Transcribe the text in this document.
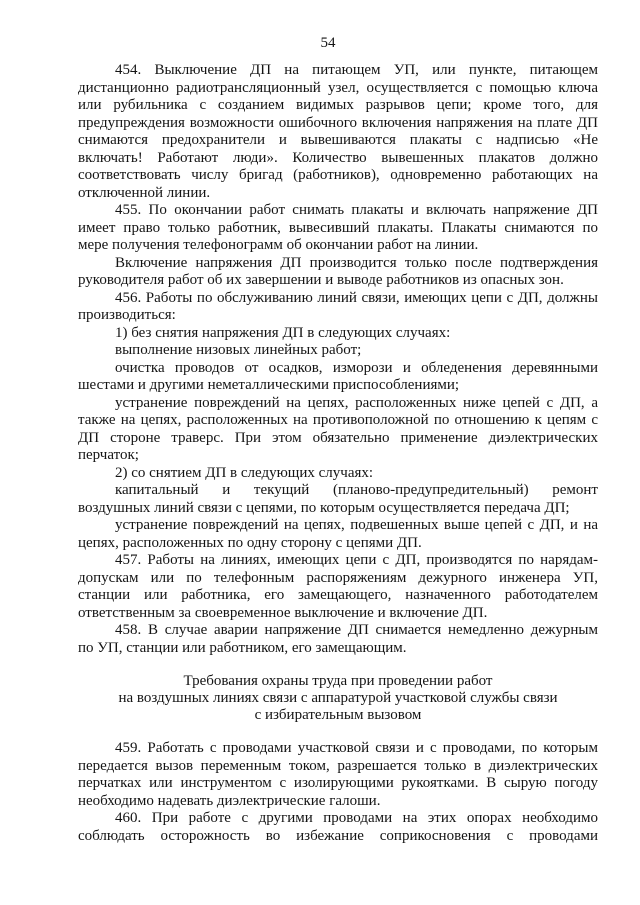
54
454. Выключение ДП на питающем УП, или пункте, питающем
дистанционно радиотрансляционный узел, осуществляется с помощью ключа
или рубильника с созданием видимых разрывов цепи; кроме того, для
предупреждения возможности ошибочного включения напряжения на плате ДП
снимаются предохранители и вывешиваются плакаты с надписью «Не
включать! Работают люди». Количество вывешенных плакатов должно
соответствовать числу бригад (работников), одновременно работающих на
отключенной линии.
455. По окончании работ снимать плакаты и включать напряжение ДП
имеет право только работник, вывесивший плакаты. Плакаты снимаются по
мере получения телефонограмм об окончании работ на линии.
Включение напряжения ДП производится только после подтверждения
руководителя работ об их завершении и выводе работников из опасных зон.
456. Работы по обслуживанию линий связи, имеющих цепи с ДП, должны
производиться:
1) без снятия напряжения ДП в следующих случаях:
выполнение низовых линейных работ;
очистка проводов от осадков, изморози и обледенения деревянными
шестами и другими неметаллическими приспособлениями;
устранение повреждений на цепях, расположенных ниже цепей с ДП, а
также на цепях, расположенных на противоположной по отношению к цепям с
ДП стороне траверс. При этом обязательно применение диэлектрических
перчаток;
2) со снятием ДП в следующих случаях:
капитальный и текущий (планово-предупредительный) ремонт
воздушных линий связи с цепями, по которым осуществляется передача ДП;
устранение повреждений на цепях, подвешенных выше цепей с ДП, и на
цепях, расположенных по одну сторону с цепями ДП.
457. Работы на линиях, имеющих цепи с ДП, производятся по нарядам-
допускам или по телефонным распоряжениям дежурного инженера УП,
станции или работника, его замещающего, назначенного работодателем
ответственным за своевременное выключение и включение ДП.
458. В случае аварии напряжение ДП снимается немедленно дежурным
по УП, станции или работником, его замещающим.
Требования охраны труда при проведении работ
на воздушных линиях связи с аппаратурой участковой службы связи
с избирательным вызовом
459. Работать с проводами участковой связи и с проводами, по которым
передается вызов переменным током, разрешается только в диэлектрических
перчатках или инструментом с изолирующими рукоятками. В сырую погоду
необходимо надевать диэлектрические галоши.
460. При работе с другими проводами на этих опорах необходимо
соблюдать осторожность во избежание соприкосновения с проводами
